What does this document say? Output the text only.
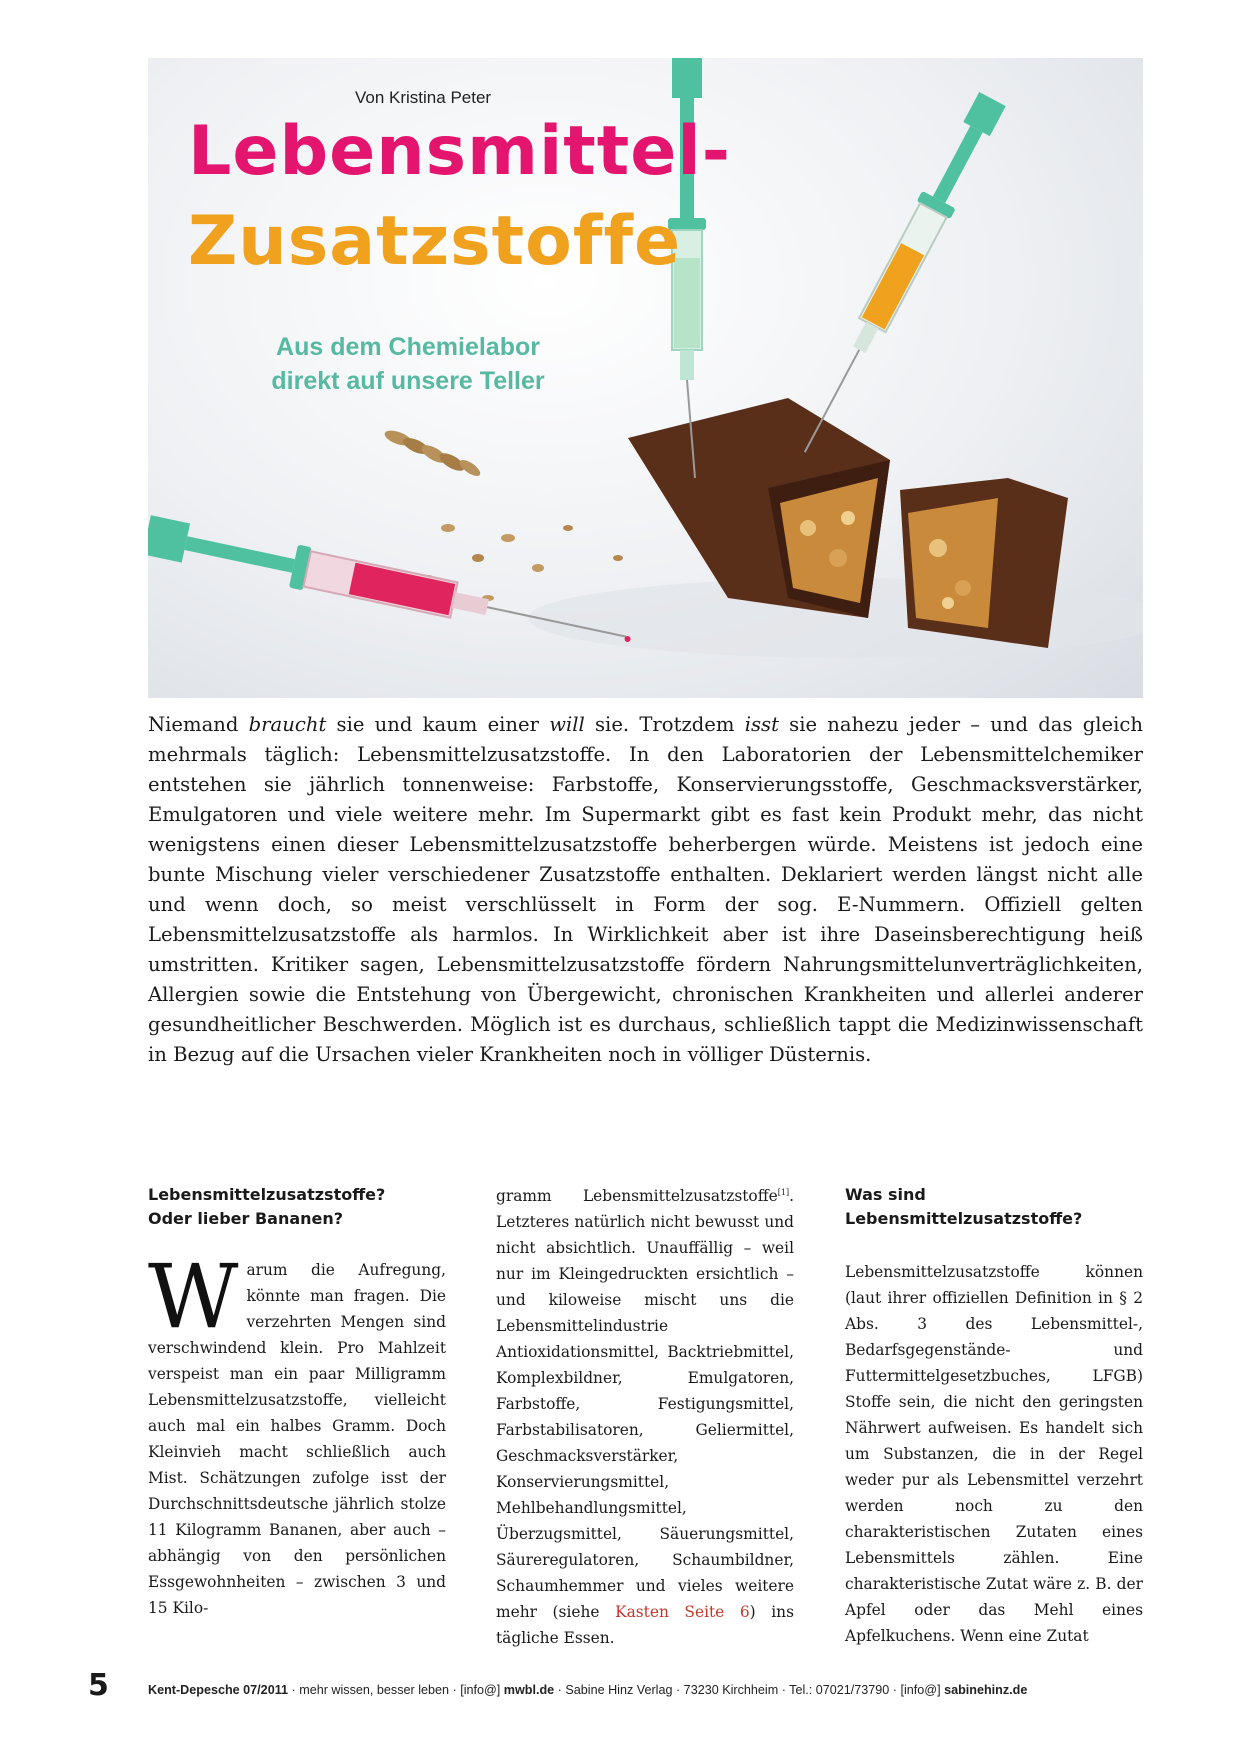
Von Kristina Peter
Lebensmittel-
Zusatzstoffe
Aus dem Chemielabor
direkt auf unsere Teller

Niemand braucht sie und kaum einer will sie. Trotzdem isst sie nahezu jeder – und das gleich mehrmals täglich: Lebensmittelzusatzstoffe. In den Laboratorien der Lebensmittelchemiker entstehen sie jährlich tonnenweise: Farbstoffe, Konservierungsstoffe, Geschmacksverstärker, Emulgatoren und viele weitere mehr. Im Supermarkt gibt es fast kein Produkt mehr, das nicht wenigstens einen dieser Lebensmittelzusatzstoffe beherbergen würde. Meistens ist jedoch eine bunte Mischung vieler verschiedener Zusatzstoffe enthalten. Deklariert werden längst nicht alle und wenn doch, so meist verschlüsselt in Form der sog. E-Nummern. Offiziell gelten Lebensmittelzusatzstoffe als harmlos. In Wirklichkeit aber ist ihre Daseinsberechtigung heiß umstritten. Kritiker sagen, Lebensmittelzusatzstoffe fördern Nahrungsmittelunverträglichkeiten, Allergien sowie die Entstehung von Übergewicht, chronischen Krankheiten und allerlei anderer gesundheitlicher Beschwerden. Möglich ist es durchaus, schließlich tappt die Medizinwissenschaft in Bezug auf die Ursachen vieler Krankheiten noch in völliger Düsternis.

Lebensmittelzusatzstoffe?
Oder lieber Bananen?

Warum die Aufregung, könnte man fragen. Die verzehrten Mengen sind verschwindend klein. Pro Mahlzeit verspeist man ein paar Milligramm Lebensmittelzusatzstoffe, vielleicht auch mal ein halbes Gramm. Doch Kleinvieh macht schließlich auch Mist. Schätzungen zufolge isst der Durchschnittsdeutsche jährlich stolze 11 Kilogramm Bananen, aber auch – abhängig von den persönlichen Essgewohnheiten – zwischen 3 und 15 Kilo-

gramm Lebensmittelzusatzstoffe[1]. Letzteres natürlich nicht bewusst und nicht absichtlich. Unauffällig – weil nur im Kleingedruckten ersichtlich – und kiloweise mischt uns die Lebensmittelindustrie Antioxidationsmittel, Backtriebmittel, Komplexbildner, Emulgatoren, Farbstoffe, Festigungsmittel, Farbstabilisatoren, Geliermittel, Geschmacksverstärker, Konservierungsmittel, Mehlbehandlungsmittel, Überzugsmittel, Säuerungsmittel, Säureregulatoren, Schaumbildner, Schaumhemmer und vieles weitere mehr (siehe Kasten Seite 6) ins tägliche Essen.

Was sind
Lebensmittelzusatzstoffe?

Lebensmittelzusatzstoffe können (laut ihrer offiziellen Definition in § 2 Abs. 3 des Lebensmittel-, Bedarfsgegenstände- und Futtermittelgesetzbuches, LFGB) Stoffe sein, die nicht den geringsten Nährwert aufweisen. Es handelt sich um Substanzen, die in der Regel weder pur als Lebensmittel verzehrt werden noch zu den charakteristischen Zutaten eines Lebensmittels zählen. Eine charakteristische Zutat wäre z. B. der Apfel oder das Mehl eines Apfelkuchens. Wenn eine Zutat

5	Kent-Depesche 07/2011 · mehr wissen, besser leben · [info@] mwbl.de · Sabine Hinz Verlag · 73230 Kirchheim · Tel.: 07021/73790 · [info@] sabinehinz.de
